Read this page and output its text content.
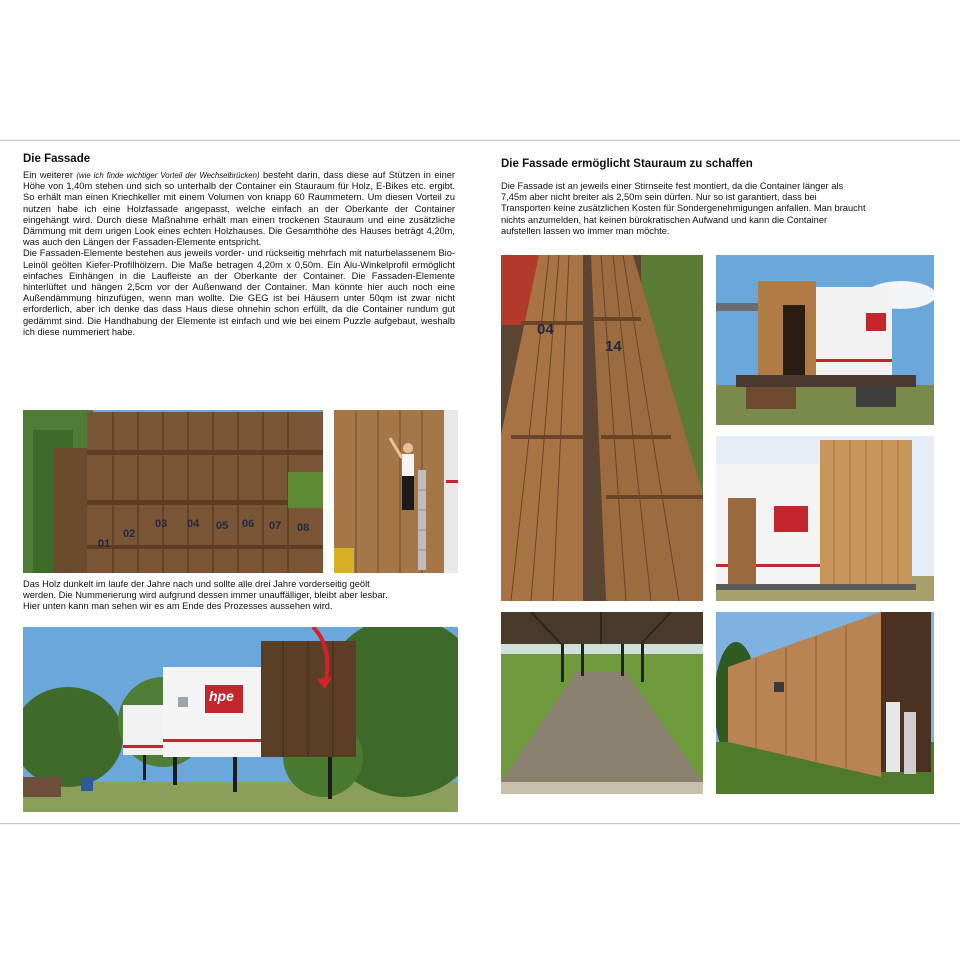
Die Fassade

Ein weiterer (wie ich finde wichtiger Vorteil der Wechselbrücken) besteht darin, dass diese auf Stützen in einer Höhe von 1,40m stehen und sich so unterhalb der Container ein Stauraum für Holz, E-Bikes etc. ergibt. So erhält man einen Kriechkeller mit einem Volumen von knapp 60 Raummetern. Um diesen Vorteil zu nutzen habe ich eine Holzfassade angepasst, welche einfach an der Oberkante der Container eingehängt wird. Durch diese Maßnahme erhält man einen trockenen Stauraum und eine zusätzliche Dämmung mit dem urigen Look eines echten Holzhauses. Die Gesamthöhe des Hauses beträgt 4,20m, was auch den Längen der Fassaden-Elemente entspricht.

Die Fassaden-Elemente bestehen aus jeweils vorder- und rückseitig mehrfach mit naturbelassenem Bio-Leinöl geölten Kiefer-Profilhölzern. Die Maße betragen 4,20m x 0,50m. Ein Alu-Winkelprofil ermöglicht einfaches Einhängen in die Laufleiste an der Oberkante der Container. Die Fassaden-Elemente hinterlüftet und hängen 2,5cm vor der Außenwand der Container. Man könnte hier auch noch eine Außendämmung hinzufügen, wenn man wollte. Die GEG ist bei Häusern unter 50qm ist zwar nicht erforderlich, aber ich denke das dass Haus diese ohnehin schon erfüllt, da die Container rundum gut gedämmt sind. Die Handhabung der Elemente ist einfach und wie bei einem Puzzle aufgebaut, weshalb ich diese nummeriert habe.

01
02
03 04 05 06 07 08

Das Holz dunkelt im laufe der Jahre nach und sollte alle drei Jahre vorderseitig geölt

werden. Die Nummerierung wird aufgrund dessen immer unauffälliger, bleibt aber lesbar.

Hier unten kann man sehen wir es am Ende des Prozesses aussehen wird.

hpe
Die Fassade ermöglicht Stauraum zu schaffen

Die Fassade ist an jeweils einer Stirnseite fest montiert, da die Container länger als

7,45m aber nicht breiter als 2,50m sein dürfen. Nur so ist garantiert, dass bei

Transporten keine zusätzlichen Kosten für Sondergenehmigungen anfallen. Man braucht

nichts anzumelden, hat keinen bürokratischen Aufwand und kann die Container

aufstellen lassen wo immer man möchte.

04
14
